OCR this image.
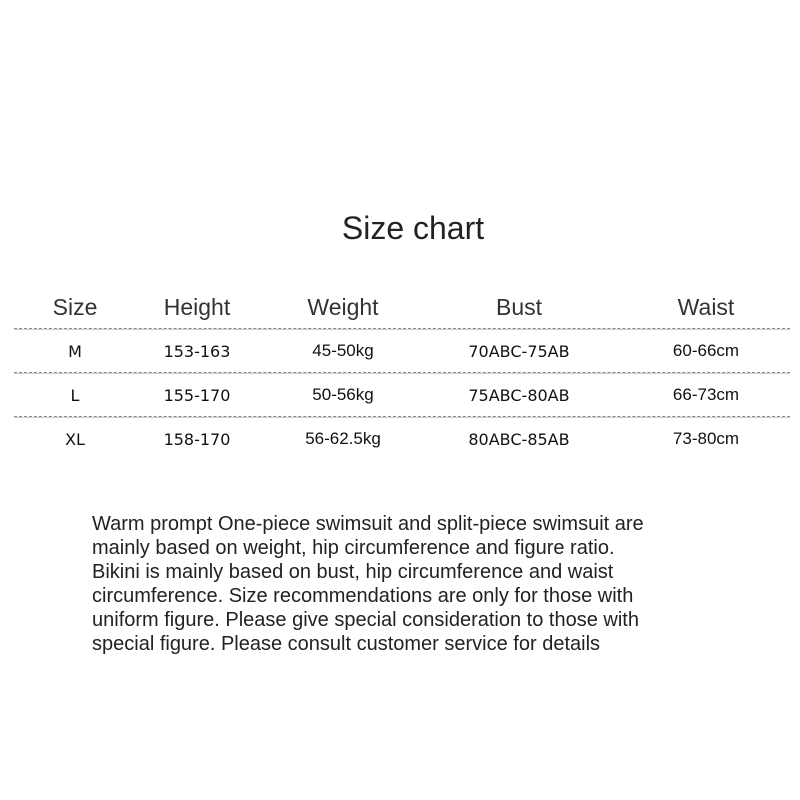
Size chart
Size	Height	Weight	Bust	Waist
M	153-163	45-50kg	70ABC-75AB	60-66cm
L	155-170	50-56kg	75ABC-80AB	66-73cm
XL	158-170	56-62.5kg	80ABC-85AB	73-80cm
Warm prompt One-piece swimsuit and split-piece swimsuit are
mainly based on weight, hip circumference and figure ratio.
Bikini is mainly based on bust, hip circumference and waist
circumference. Size recommendations are only for those with
uniform figure. Please give special consideration to those with
special figure. Please consult customer service for details
